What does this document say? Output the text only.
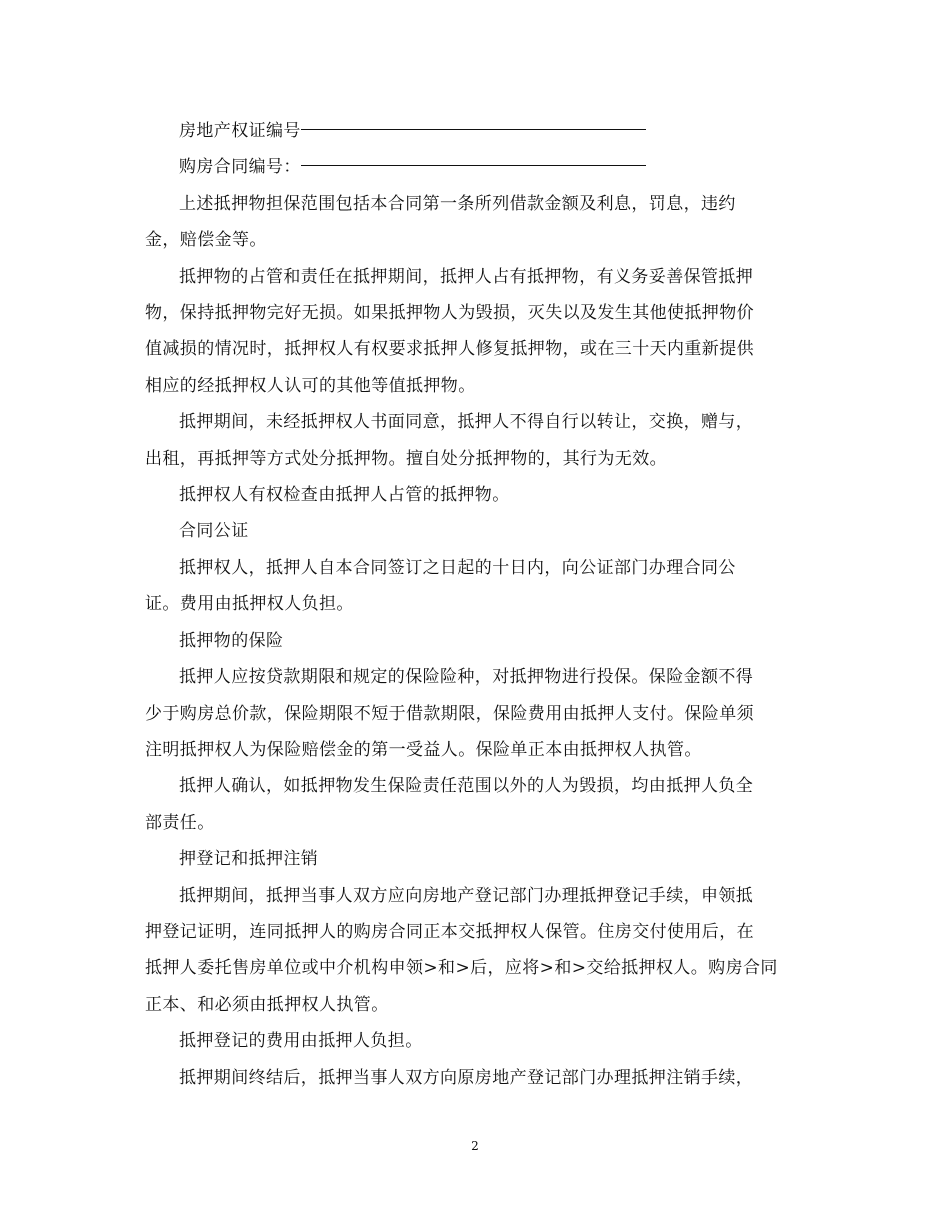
房地产权证编号

购房合同编号：

上述抵押物担保范围包括本合同第一条所列借款金额及利息，罚息，违约

金，赔偿金等。

抵押物的占管和责任在抵押期间，抵押人占有抵押物，有义务妥善保管抵押

物，保持抵押物完好无损。如果抵押物人为毁损，灭失以及发生其他使抵押物价

值减损的情况时，抵押权人有权要求抵押人修复抵押物，或在三十天内重新提供

相应的经抵押权人认可的其他等值抵押物。

抵押期间，未经抵押权人书面同意，抵押人不得自行以转让，交换，赠与，

出租，再抵押等方式处分抵押物。擅自处分抵押物的，其行为无效。

抵押权人有权检查由抵押人占管的抵押物。

合同公证

抵押权人，抵押人自本合同签订之日起的十日内，向公证部门办理合同公

证。费用由抵押权人负担。

抵押物的保险

抵押人应按贷款期限和规定的保险险种，对抵押物进行投保。保险金额不得

少于购房总价款，保险期限不短于借款期限，保险费用由抵押人支付。保险单须

注明抵押权人为保险赔偿金的第一受益人。保险单正本由抵押权人执管。

抵押人确认，如抵押物发生保险责任范围以外的人为毁损，均由抵押人负全

部责任。

押登记和抵押注销

抵押期间，抵押当事人双方应向房地产登记部门办理抵押登记手续，申领抵

押登记证明，连同抵押人的购房合同正本交抵押权人保管。住房交付使用后，在

抵押人委托售房单位或中介机构申领>和>后，应将>和>交给抵押权人。购房合同

正本、和必须由抵押权人执管。

抵押登记的费用由抵押人负担。

抵押期间终结后，抵押当事人双方向原房地产登记部门办理抵押注销手续，

2
